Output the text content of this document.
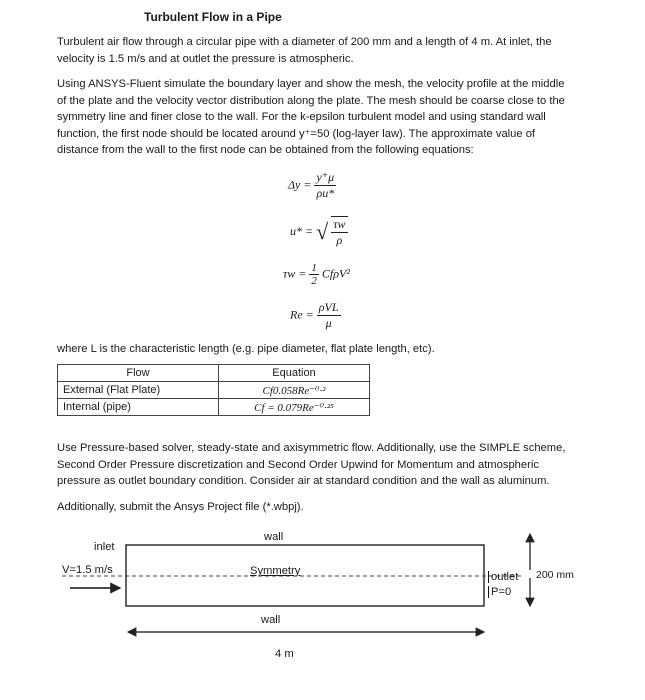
Turbulent Flow in a Pipe
Turbulent air flow through a circular pipe with a diameter of 200 mm and a length of 4 m. At inlet, the
velocity is 1.5 m/s and at outlet the pressure is atmospheric.
Using ANSYS-Fluent simulate the boundary layer and show the mesh, the velocity profile at the middle
of the plate and the velocity vector distribution along the plate. The mesh should be coarse close to the
symmetry line and finer close to the wall. For the k-epsilon turbulent model and using standard wall
function, the first node should be located around y⁺=50 (log-layer law). The approximate value of
distance from the wall to the first node can be obtained from the following equations:
$\Delta y = \frac{y^+\mu}{\rho u*}$
u* = √ $\frac{\tau w}{\rho}$
$\tau w = \frac{1}{2} Cf\rho V^2$
$Re = \frac{\text{ρVL}}{\mu}$
where L is the characteristic length (e.g. pipe diameter, flat plate length, etc).
Flow	Equation
External (Flat Plate)	Cf0.058Re⁻⁰·²
Internal (pipe)	Cf = 0.079Re⁻⁰·²⁵
Use Pressure-based solver, steady-state and axisymmetric flow. Additionally, use the SIMPLE scheme,
Second Order Pressure discretization and Second Order Upwind for Momentum and atmospheric
pressure as outlet boundary condition. Consider air at standard condition and the wall as aluminum.
Additionally, submit the Ansys Project file (*.wbpj).
wall
wall
inlet
V=1.5 m/s	Symmetry	outlet
P=0
200 mm
4 m
